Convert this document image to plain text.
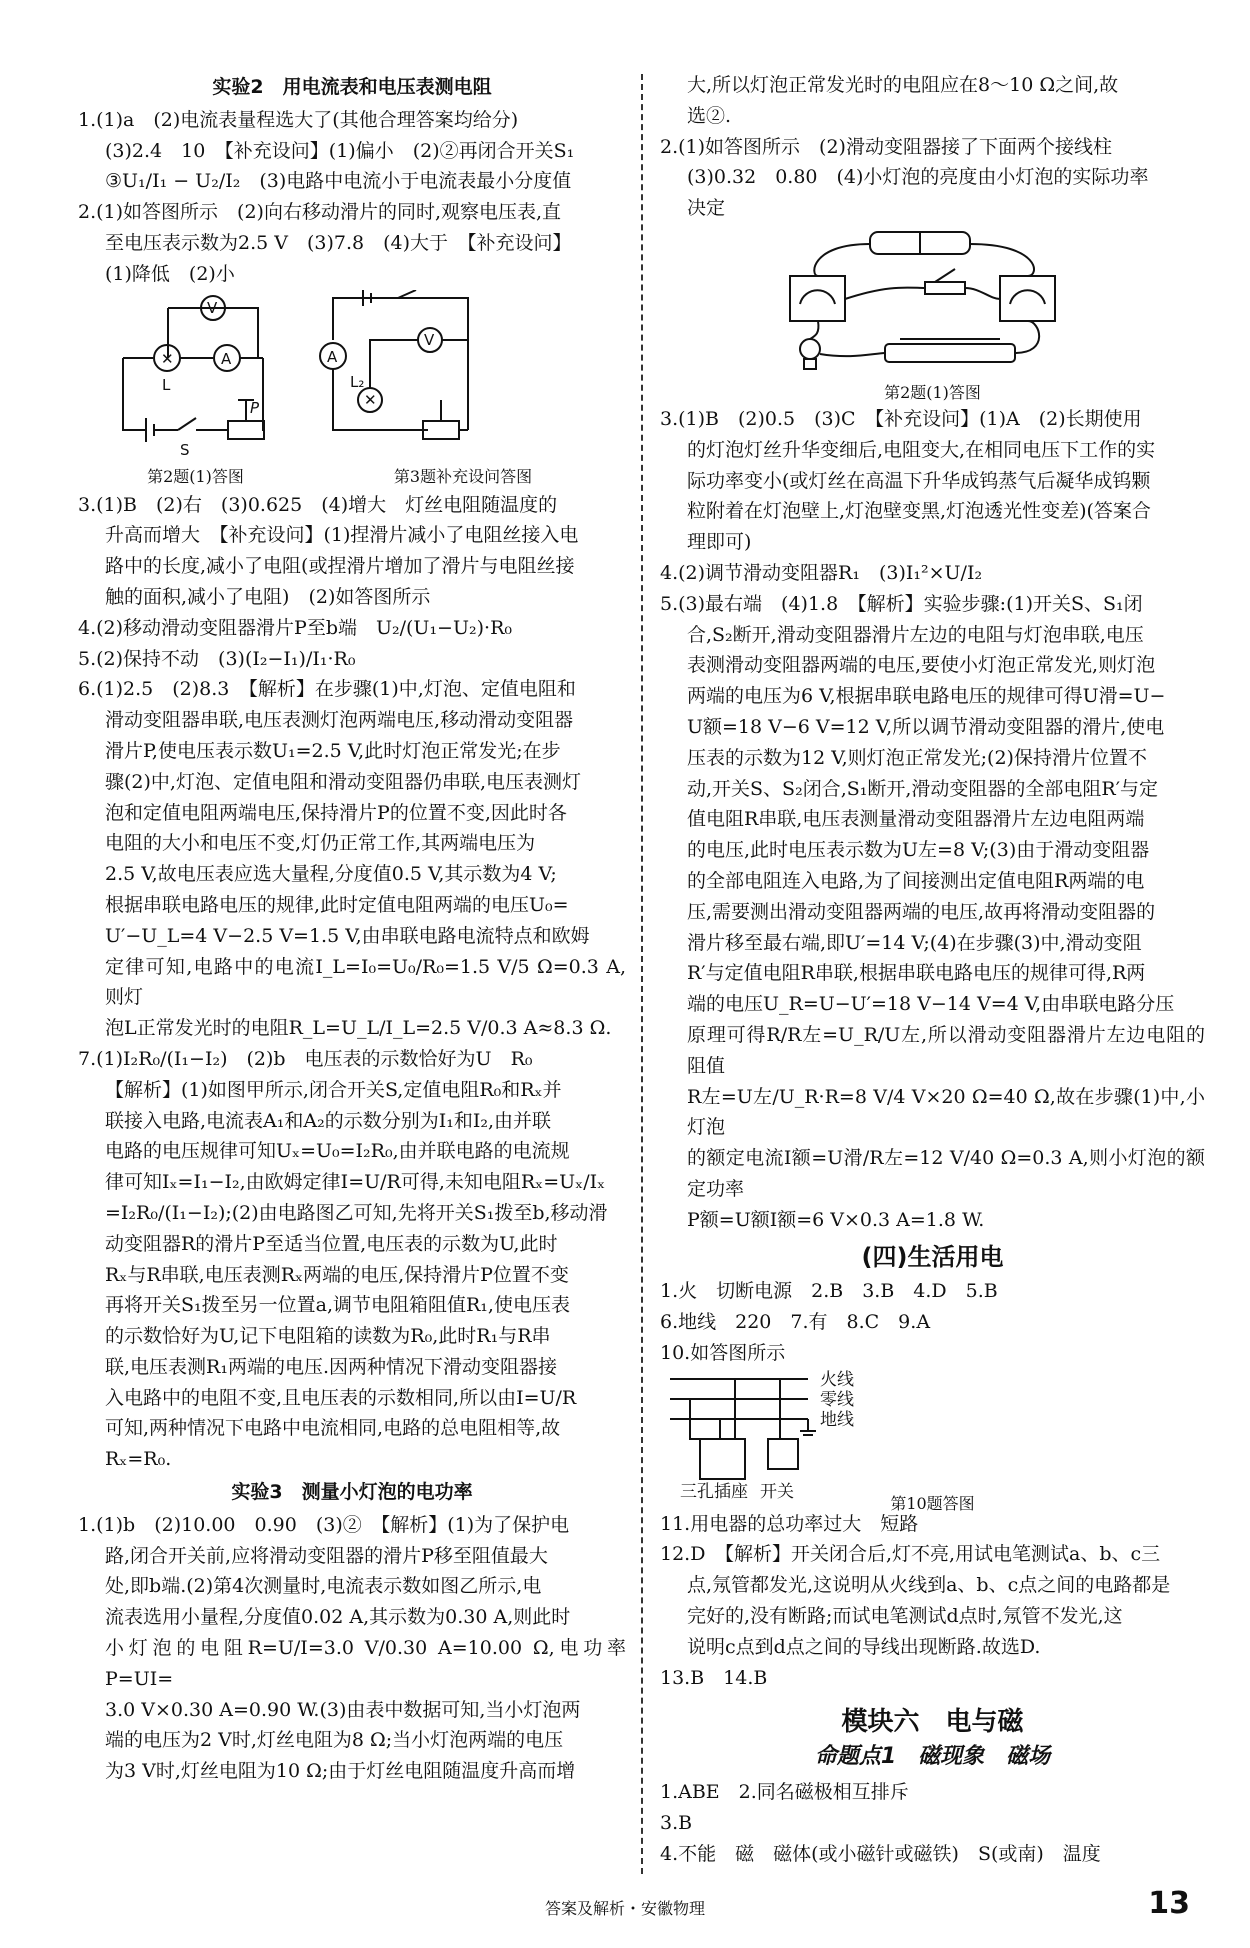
实验2　用电流表和电压表测电阻

1.(1)a　(2)电流表量程选大了(其他合理答案均给分)

(3)2.4　10　【补充设问】(1)偏小　(2)②再闭合开关S₁

③U₁/I₁ − U₂/I₂　(3)电路中电流小于电流表最小分度值

2.(1)如答图所示　(2)向右移动滑片的同时,观察电压表,直

至电压表示数为2.5 V　(3)7.8　(4)大于　【补充设问】

(1)降低　(2)小

V
✕	A
L
S
P
A
✕
L₂
V
第2题(1)答图	第3题补充设问答图

3.(1)B　(2)右　(3)0.625　(4)增大　灯丝电阻随温度的

升高而增大　【补充设问】(1)捏滑片减小了电阻丝接入电

路中的长度,减小了电阻(或捏滑片增加了滑片与电阻丝接

触的面积,减小了电阻)　(2)如答图所示

4.(2)移动滑动变阻器滑片P至b端　U₂/(U₁−U₂)·R₀

5.(2)保持不动　(3)(I₂−I₁)/I₁·R₀

6.(1)2.5　(2)8.3　【解析】在步骤(1)中,灯泡、定值电阻和

滑动变阻器串联,电压表测灯泡两端电压,移动滑动变阻器

滑片P,使电压表示数U₁=2.5 V,此时灯泡正常发光;在步

骤(2)中,灯泡、定值电阻和滑动变阻器仍串联,电压表测灯

泡和定值电阻两端电压,保持滑片P的位置不变,因此时各

电阻的大小和电压不变,灯仍正常工作,其两端电压为

2.5 V,故电压表应选大量程,分度值0.5 V,其示数为4 V;

根据串联电路电压的规律,此时定值电阻两端的电压U₀=

U′−U_L=4 V−2.5 V=1.5 V,由串联电路电流特点和欧姆

定律可知,电路中的电流I_L=I₀=U₀/R₀=1.5 V/5 Ω=0.3 A,则灯

泡L正常发光时的电阻R_L=U_L/I_L=2.5 V/0.3 A≈8.3 Ω.

7.(1)I₂R₀/(I₁−I₂)　(2)b　电压表的示数恰好为U　R₀

【解析】(1)如图甲所示,闭合开关S,定值电阻R₀和Rₓ并

联接入电路,电流表A₁和A₂的示数分别为I₁和I₂,由并联

电路的电压规律可知Uₓ=U₀=I₂R₀,由并联电路的电流规

律可知Iₓ=I₁−I₂,由欧姆定律I=U/R可得,未知电阻Rₓ=Uₓ/Iₓ

=I₂R₀/(I₁−I₂);(2)由电路图乙可知,先将开关S₁拨至b,移动滑

动变阻器R的滑片P至适当位置,电压表的示数为U,此时

Rₓ与R串联,电压表测Rₓ两端的电压,保持滑片P位置不变

再将开关S₁拨至另一位置a,调节电阻箱阻值R₁,使电压表

的示数恰好为U,记下电阻箱的读数为R₀,此时R₁与R串

联,电压表测R₁两端的电压.因两种情况下滑动变阻器接

入电路中的电阻不变,且电压表的示数相同,所以由I=U/R

可知,两种情况下电路中电流相同,电路的总电阻相等,故

Rₓ=R₀.

实验3　测量小灯泡的电功率

1.(1)b　(2)10.00　0.90　(3)②　【解析】(1)为了保护电

路,闭合开关前,应将滑动变阻器的滑片P移至阻值最大

处,即b端.(2)第4次测量时,电流表示数如图乙所示,电

流表选用小量程,分度值0.02 A,其示数为0.30 A,则此时

小灯泡的电阻R=U/I=3.0 V/0.30 A=10.00 Ω,电功率P=UI=

3.0 V×0.30 A=0.90 W.(3)由表中数据可知,当小灯泡两

端的电压为2 V时,灯丝电阻为8 Ω;当小灯泡两端的电压

为3 V时,灯丝电阻为10 Ω;由于灯丝电阻随温度升高而增

大,所以灯泡正常发光时的电阻应在8～10 Ω之间,故

选②.

2.(1)如答图所示　(2)滑动变阻器接了下面两个接线柱

(3)0.32　0.80　(4)小灯泡的亮度由小灯泡的实际功率

决定

第2题(1)答图

3.(1)B　(2)0.5　(3)C　【补充设问】(1)A　(2)长期使用

的灯泡灯丝升华变细后,电阻变大,在相同电压下工作的实

际功率变小(或灯丝在高温下升华成钨蒸气后凝华成钨颗

粒附着在灯泡壁上,灯泡壁变黑,灯泡透光性变差)(答案合

理即可)

4.(2)调节滑动变阻器R₁　(3)I₁²×U/I₂

5.(3)最右端　(4)1.8　【解析】实验步骤:(1)开关S、S₁闭

合,S₂断开,滑动变阻器滑片左边的电阻与灯泡串联,电压

表测滑动变阻器两端的电压,要使小灯泡正常发光,则灯泡

两端的电压为6 V,根据串联电路电压的规律可得U滑=U−

U额=18 V−6 V=12 V,所以调节滑动变阻器的滑片,使电

压表的示数为12 V,则灯泡正常发光;(2)保持滑片位置不

动,开关S、S₂闭合,S₁断开,滑动变阻器的全部电阻R′与定

值电阻R串联,电压表测量滑动变阻器滑片左边电阻两端

的电压,此时电压表示数为U左=8 V;(3)由于滑动变阻器

的全部电阻连入电路,为了间接测出定值电阻R两端的电

压,需要测出滑动变阻器两端的电压,故再将滑动变阻器的

滑片移至最右端,即U′=14 V;(4)在步骤(3)中,滑动变阻

R′与定值电阻R串联,根据串联电路电压的规律可得,R两

端的电压U_R=U−U′=18 V−14 V=4 V,由串联电路分压

原理可得R/R左=U_R/U左,所以滑动变阻器滑片左边电阻的阻值

R左=U左/U_R·R=8 V/4 V×20 Ω=40 Ω,故在步骤(1)中,小灯泡

的额定电流I额=U滑/R左=12 V/40 Ω=0.3 A,则小灯泡的额定功率

P额=U额I额=6 V×0.3 A=1.8 W.

(四)生活用电

1.火　切断电源　2.B　3.B　4.D　5.B

6.地线　220　7.有　8.C　9.A

10.如答图所示

火线
零线
地线
三孔插座 开关
第10题答图

11.用电器的总功率过大　短路

12.D　【解析】开关闭合后,灯不亮,用试电笔测试a、b、c三

点,氖管都发光,这说明从火线到a、b、c点之间的电路都是

完好的,没有断路;而试电笔测试d点时,氖管不发光,这

说明c点到d点之间的导线出现断路.故选D.

13.B　14.B

模块六　电与磁
命题点1　磁现象　磁场

1.ABE　2.同名磁极相互排斥

3.B

4.不能　磁　磁体(或小磁针或磁铁)　S(或南)　温度

答案及解析・安徽物理	13
